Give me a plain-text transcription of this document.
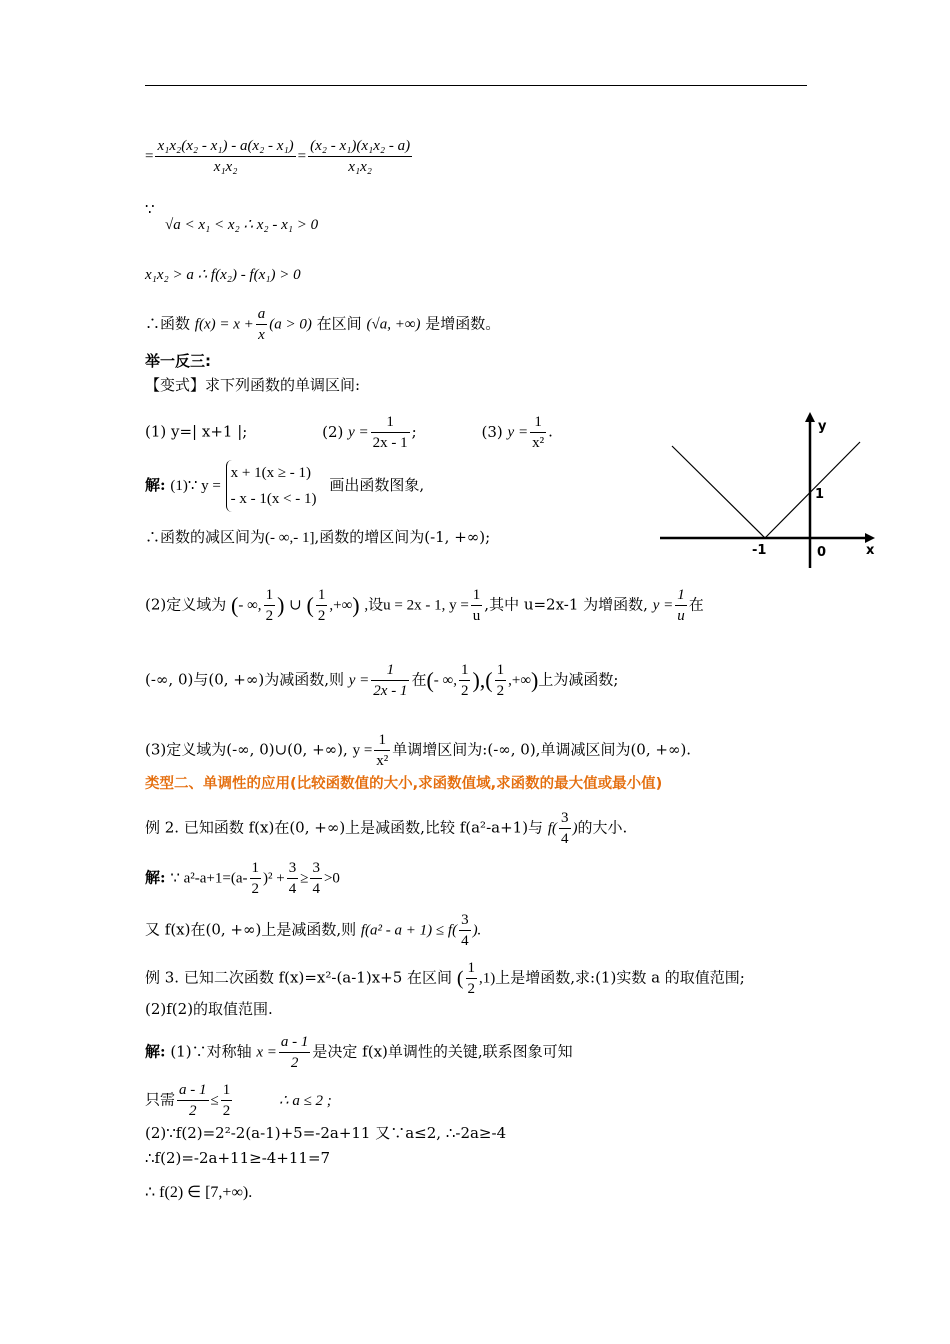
= $\frac{\text{x₁x₂(x₂ - x₁) - a(x₂ - x₁)}}{\text{x₁x₂}} = \frac{\text{(x₂ - x₁)(x₁x₂ - a)}}{\text{x₁x₂}}$
∵
√a < x₁ < x₂ ∴ x₂ - x₁ > 0
x₁x₂ > a ∴ f(x₂) - f(x₁) > 0
∴函数 $f(x) = x + \frac{a}{x} (a > 0)$ 在区间 (√a, +∞) 是增函数。
举一反三:
【变式】求下列函数的单调区间:
(1) y=| x+1 |;	(2) $y = \frac{1}{2x - 1}$ ;	(3) $y = \frac{1}{\text{x²}}$ .	y
x
1
-1	0
解: (1)∵ y =
x + 1(x ≥ - 1)
- x - 1(x < - 1)
画出函数图象,
∴函数的减区间为(- ∞,- 1],函数的增区间为(-1, +∞);
(2)定义域为 (- ∞, $\frac{1}{2}$ ) ∪ ( $\frac{1}{2}$ ,+∞) ,设u = 2x - 1, $y = \frac{1}{u}$ ,其中 u=2x-1 为增函数, $y = \frac{1}{u}$ 在
(-∞, 0)与(0, +∞)为减函数,则 $y = \frac{1}{2x - 1}$ 在(- ∞, $\frac{1}{2}$ ),( $\frac{1}{2}$ ,+∞)上为减函数;
(3)定义域为(-∞, 0)∪(0, +∞), $y = \frac{1}{\text{x²}}$ 单调增区间为:(-∞, 0),单调减区间为(0, +∞).
类型二、单调性的应用(比较函数值的大小,求函数值域,求函数的最大值或最小值)
例 2. 已知函数 f(x)在(0, +∞)上是减函数,比较 f(a²-a+1)与 $f( \frac{3}{4}$ )的大小.
解: ∵ $a^2-a+1=(a- \frac{1}{2} )^2 + \frac{3}{4} \ge \frac{3}{4} >0$
又 f(x)在(0, +∞)上是减函数,则 $f(a^2 - a + 1) \le f( \frac{3}{4}$ ).
例 3. 已知二次函数 f(x)=x²-(a-1)x+5 在区间 ( $\frac{1}{2} ,1$)上是增函数,求:(1)实数 a 的取值范围;
(2)f(2)的取值范围.
解: (1)∵对称轴 $x = \frac{a - 1}{2}$ 是决定 f(x)单调性的关键,联系图象可知
只需 $\frac{a - 1}{2} \le \frac{1}{2}$	∴ a ≤ 2 ;
(2)∵f(2)=2²-2(a-1)+5=-2a+11 又∵a≤2, ∴-2a≥-4
∴f(2)=-2a+11≥-4+11=7
∴ f(2) ∈ [7,+∞).
